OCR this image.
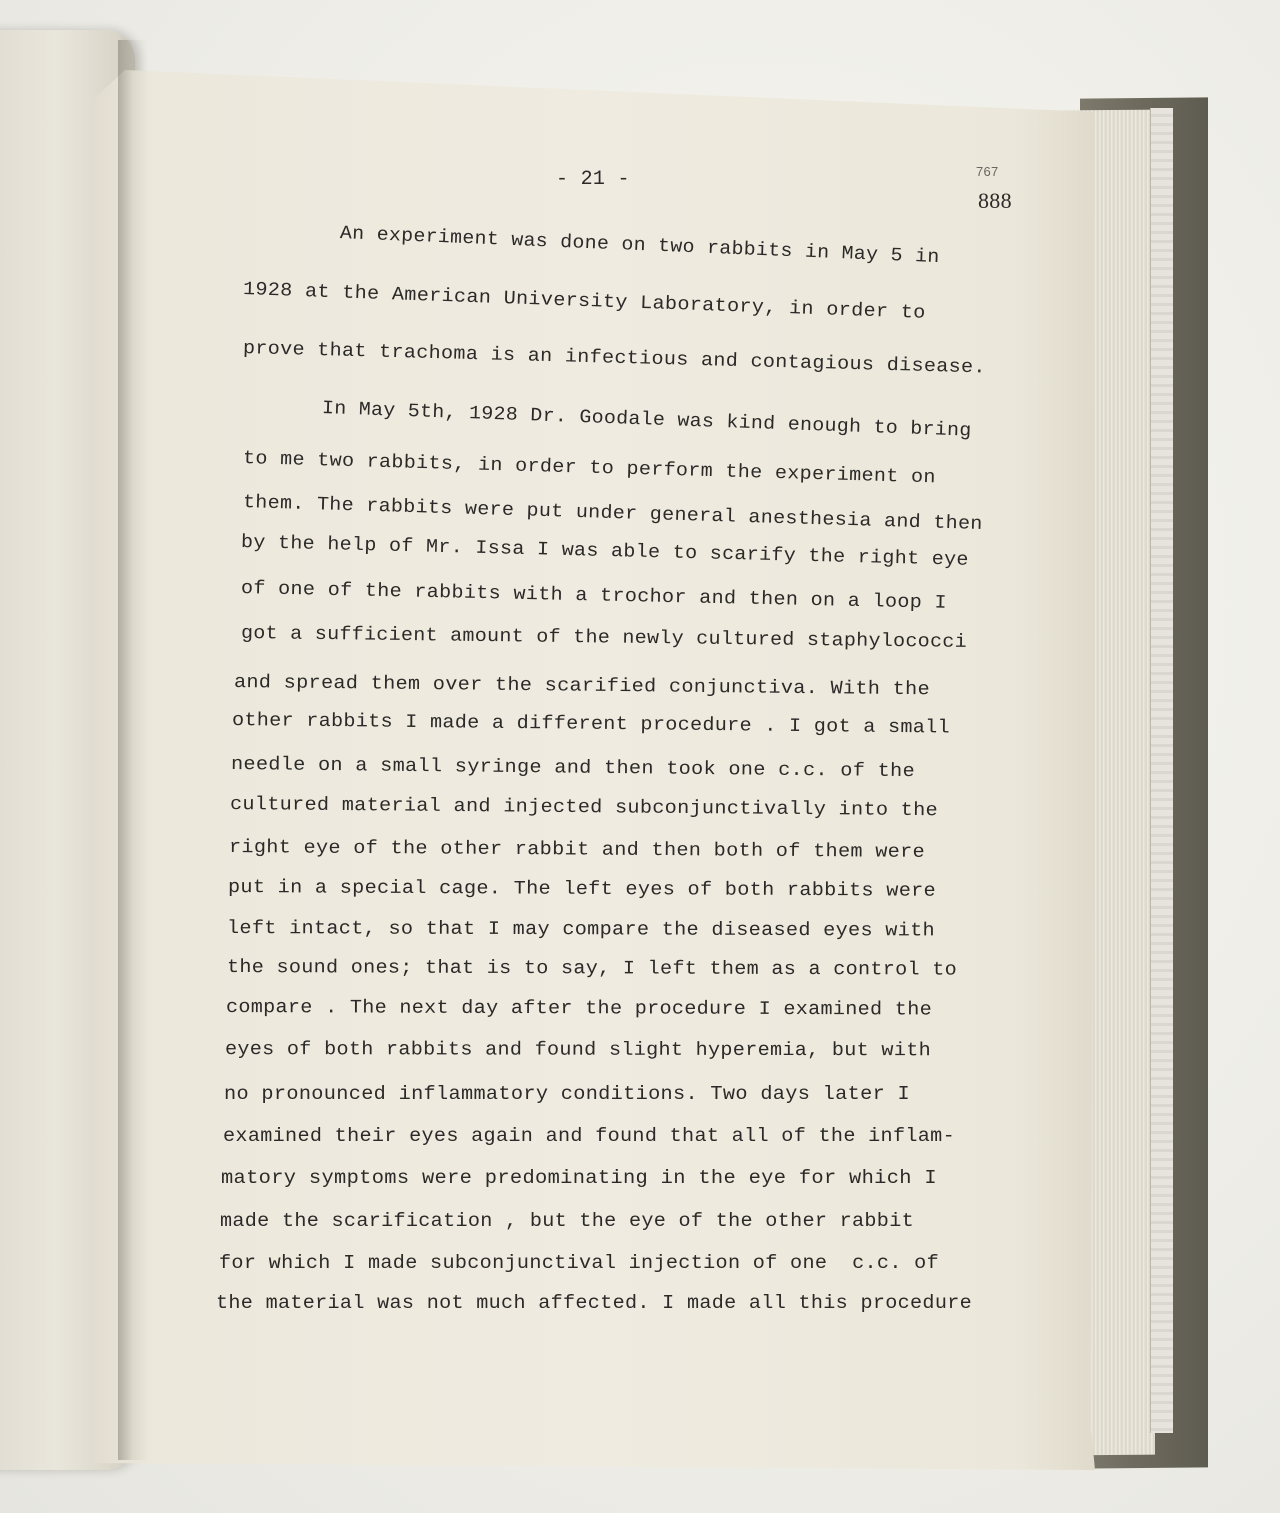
- 21 -	767
888
An experiment was done on two rabbits in May 5 in
1928 at the American University Laboratory, in order to
prove that trachoma is an infectious and contagious disease.
In May 5th, 1928 Dr. Goodale was kind enough to bring
to me two rabbits, in order to perform the experiment on
them. The rabbits were put under general anesthesia and then
by the help of Mr. Issa I was able to scarify the right eye
of one of the rabbits with a trochor and then on a loop I
got a sufficient amount of the newly cultured staphylococci
and spread them over the scarified conjunctiva. With the
other rabbits I made a different procedure . I got a small
needle on a small syringe and then took one c.c. of the
cultured material and injected subconjunctivally into the
right eye of the other rabbit and then both of them were
put in a special cage. The left eyes of both rabbits were
left intact, so that I may compare the diseased eyes with
the sound ones; that is to say, I left them as a control to
compare . The next day after the procedure I examined the
eyes of both rabbits and found slight hyperemia, but with
no pronounced inflammatory conditions. Two days later I
examined their eyes again and found that all of the inflam-
matory symptoms were predominating in the eye for which I
made the scarification , but the eye of the other rabbit
for which I made subconjunctival injection of one  c.c. of
the material was not much affected. I made all this procedure
